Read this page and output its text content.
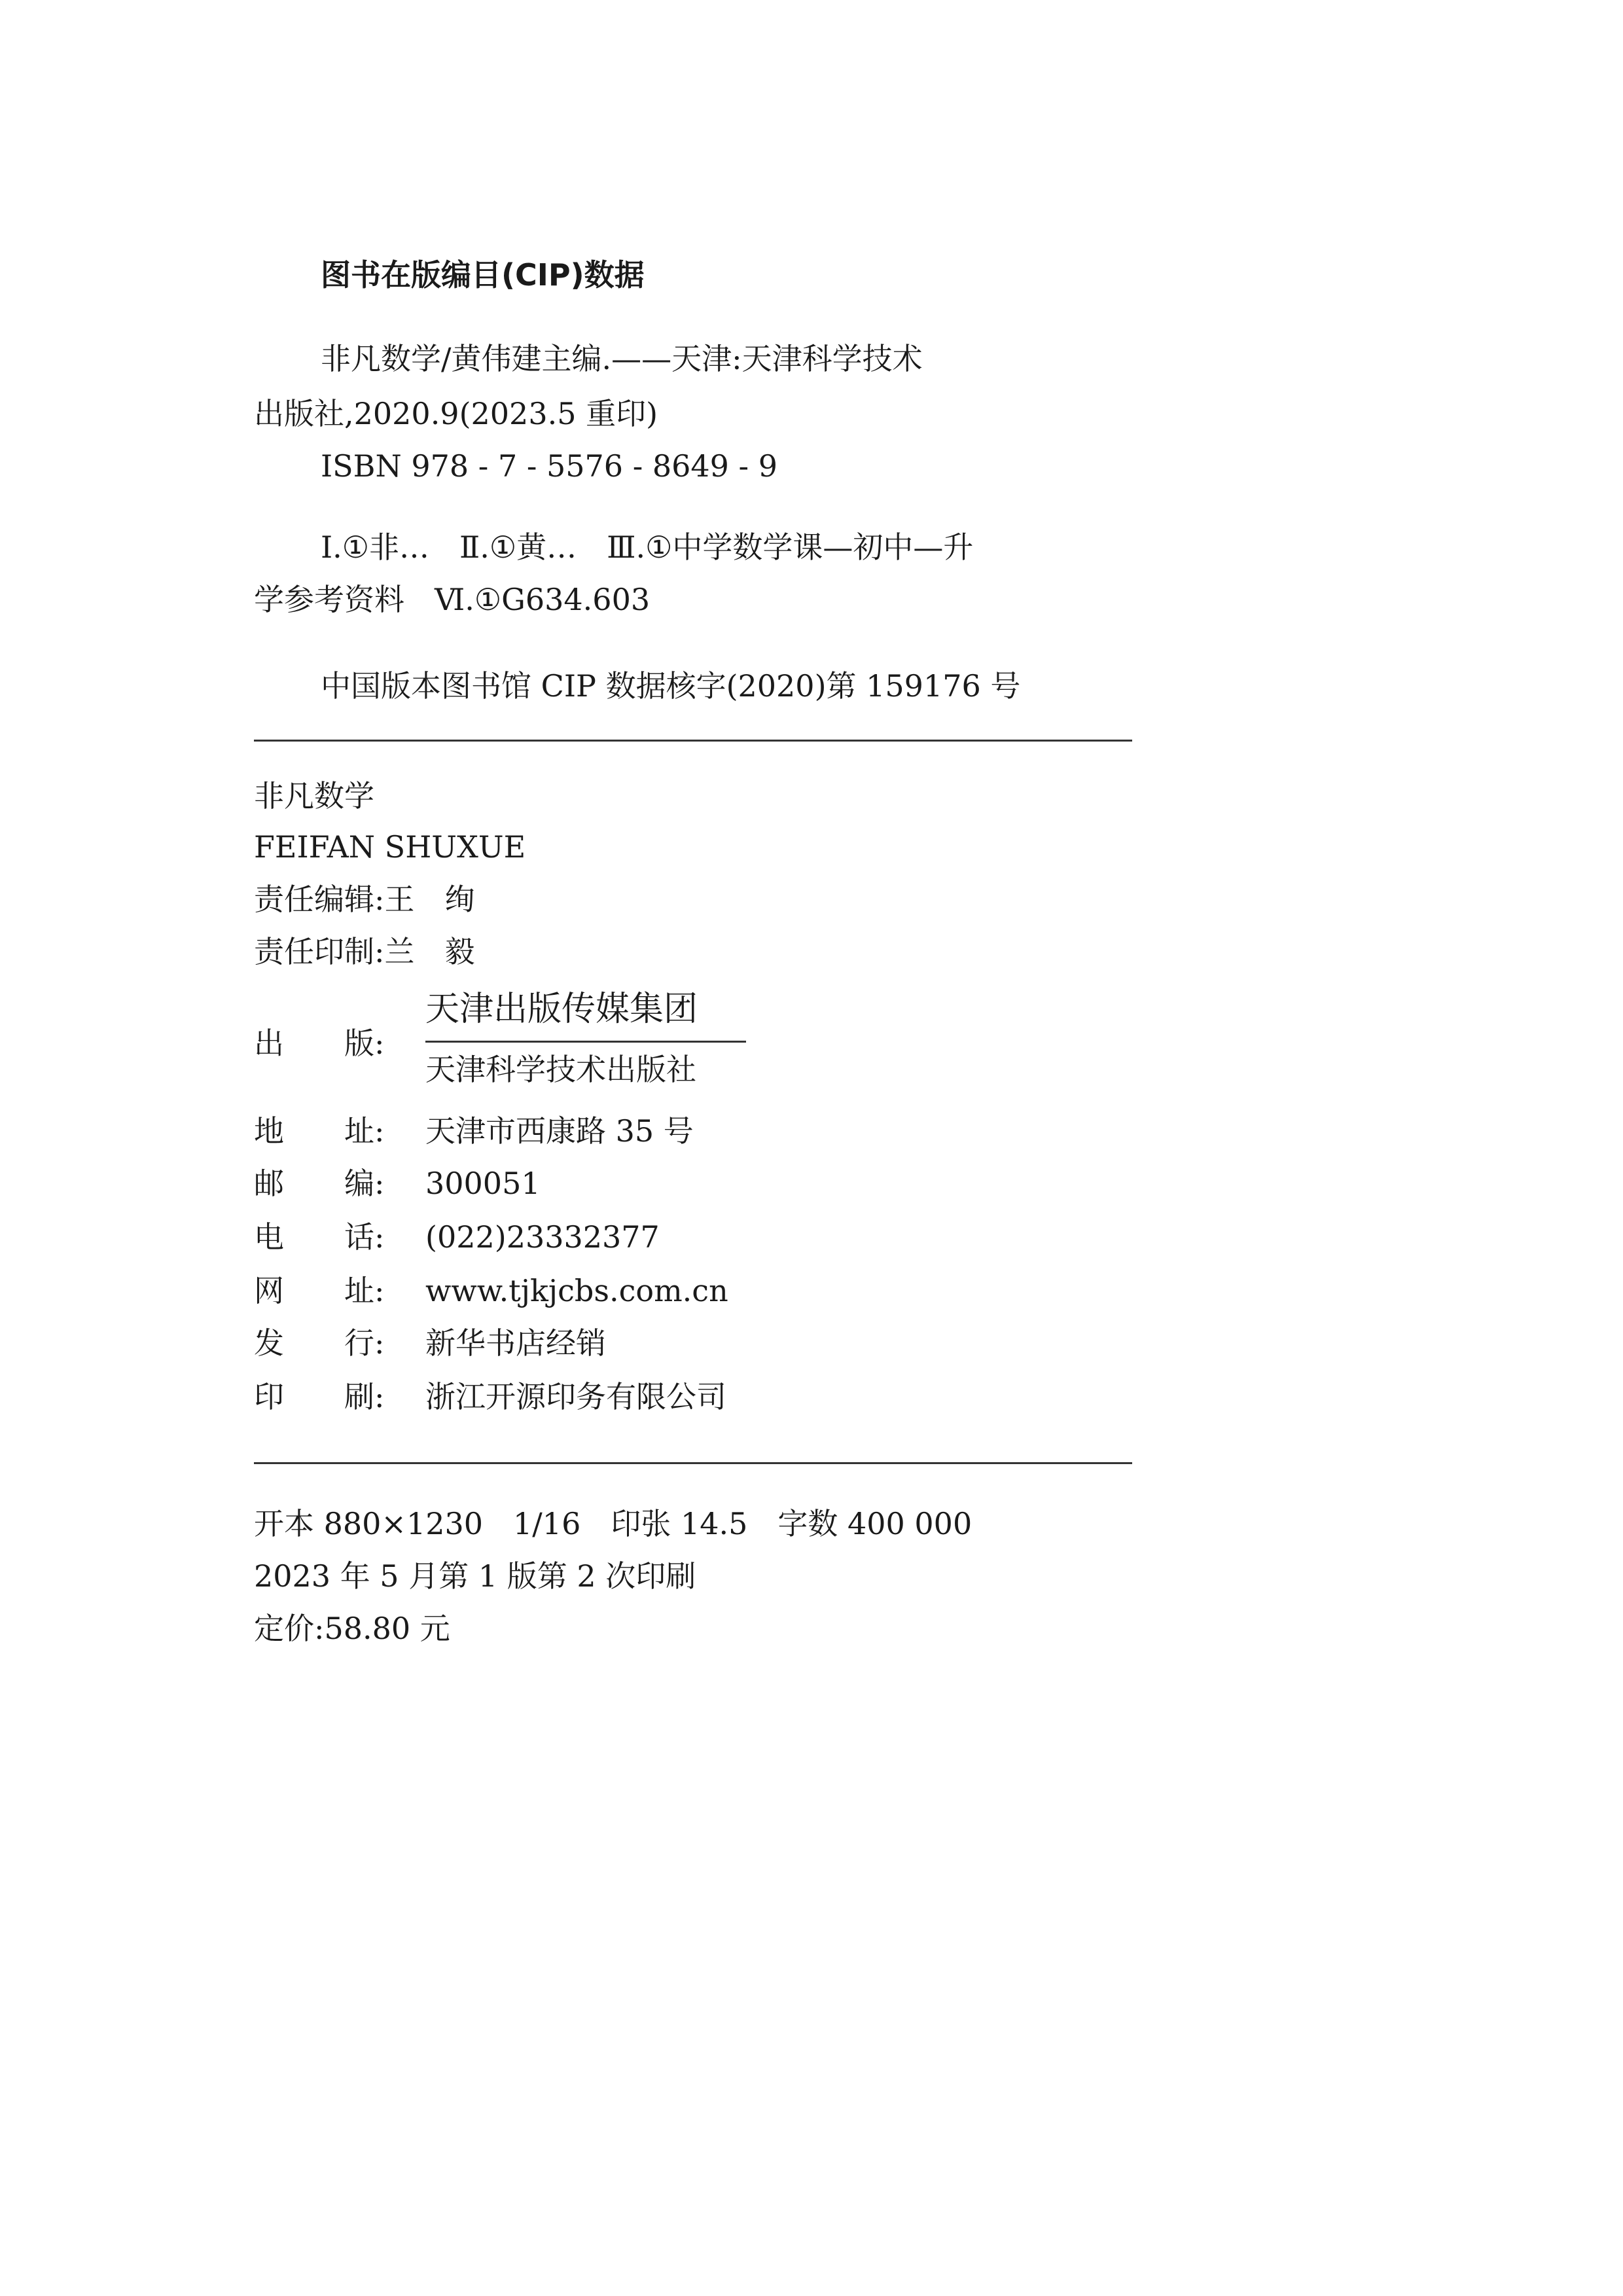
图书在版编目(CIP)数据
非凡数学/黄伟建主编.——天津:天津科学技术
出版社,2020.9(2023.5 重印)
ISBN 978 - 7 - 5576 - 8649 - 9
Ⅰ.①非…　Ⅱ.①黄…　Ⅲ.①中学数学课—初中—升
学参考资料　Ⅵ.①G634.603
中国版本图书馆 CIP 数据核字(2020)第 159176 号
非凡数学
FEIFAN SHUXUE
责任编辑:王　绚
责任印制:兰　毅
出　　版:
天津出版传媒集团
天津科学技术出版社
地　　址: 天津市西康路 35 号
邮　　编: 300051
电　　话: (022)23332377
网　　址: www.tjkjcbs.com.cn
发　　行: 新华书店经销
印　　刷: 浙江开源印务有限公司
开本 880×1230　1/16　印张 14.5　字数 400 000
2023 年 5 月第 1 版第 2 次印刷
定价:58.80 元
